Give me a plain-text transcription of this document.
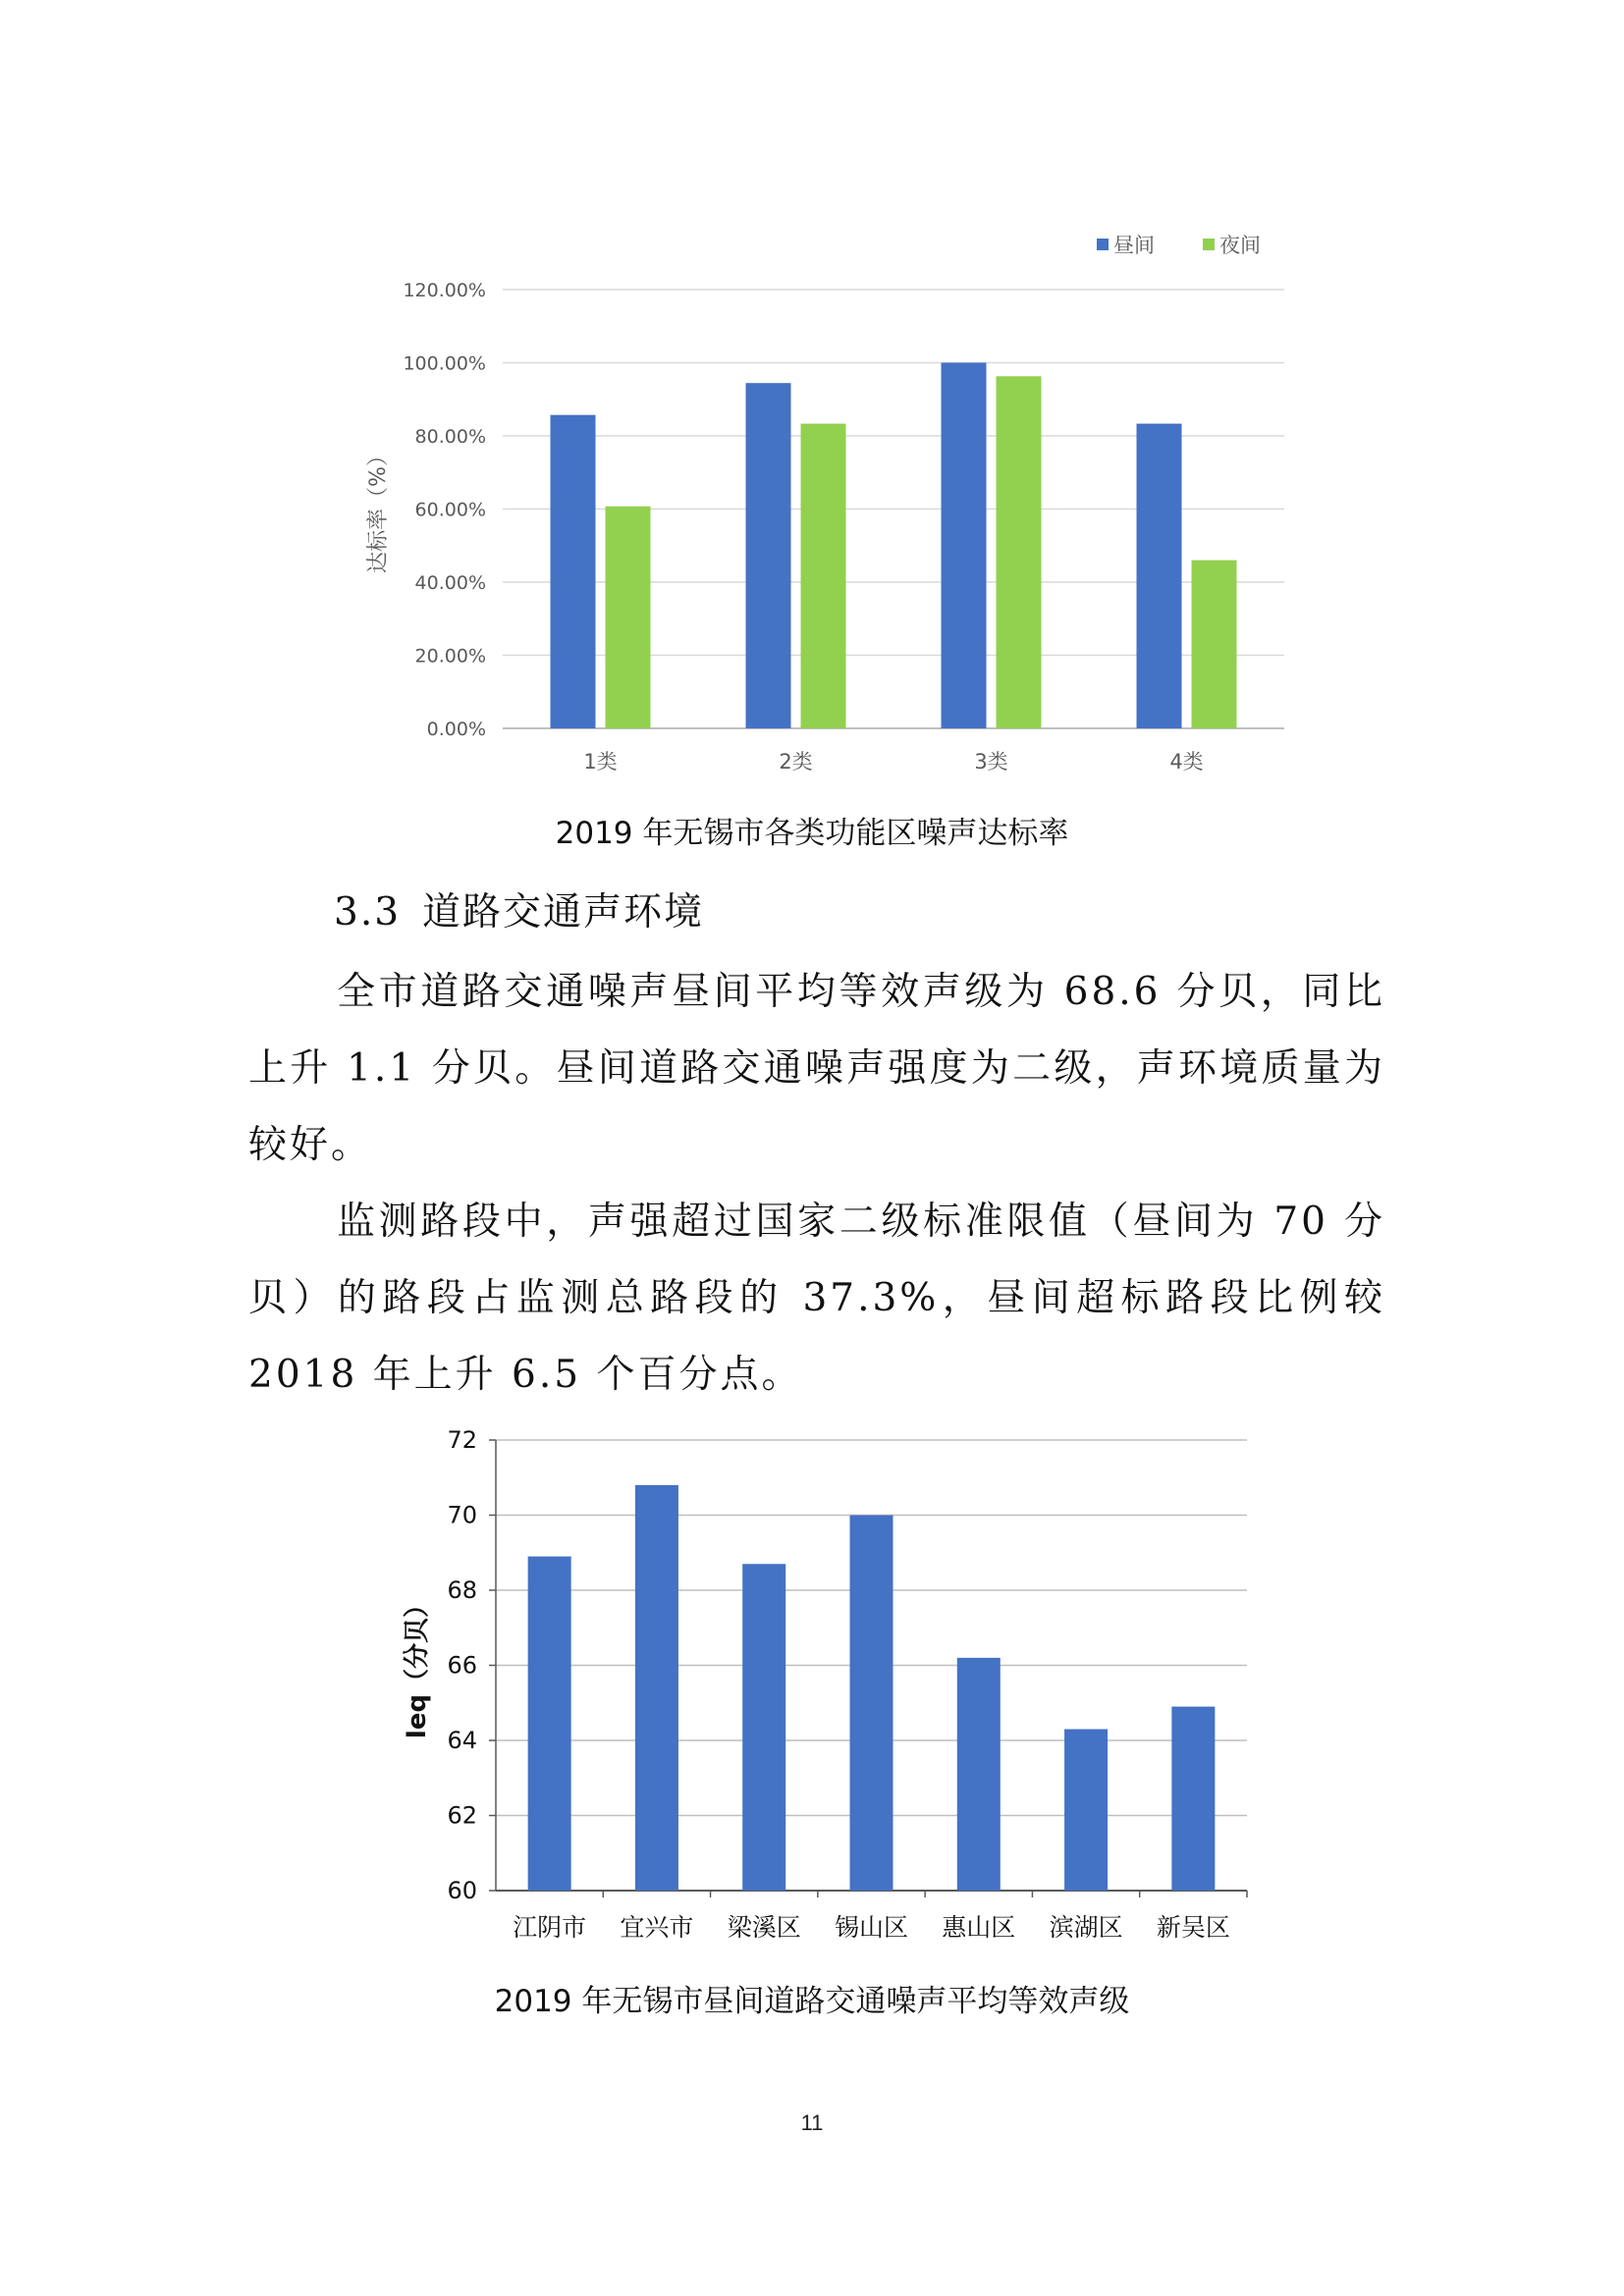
0.00%
20.00%
40.00%
60.00%
80.00%
100.00%
120.00%
1类	2类	3类	4类
达标率（%）
昼间	夜间
2019 年无锡市各类功能区噪声达标率
3.3 道路交通声环境

全市道路交通噪声昼间平均等效声级为 68.6 分贝，同比上升 1.1 分贝。昼间道路交通噪声强度为二级，声环境质量为较好。

监测路段中，声强超过国家二级标准限值（昼间为 70 分贝）的路段占监测总路段的 37.3%，昼间超标路段比例较 2018 年上升 6.5 个百分点。

60
62
64
66
68
70
72
江阴市 宜兴市 梁溪区 锡山区 惠山区 滨湖区 新吴区
leq（分贝）
2019 年无锡市昼间道路交通噪声平均等效声级
11
